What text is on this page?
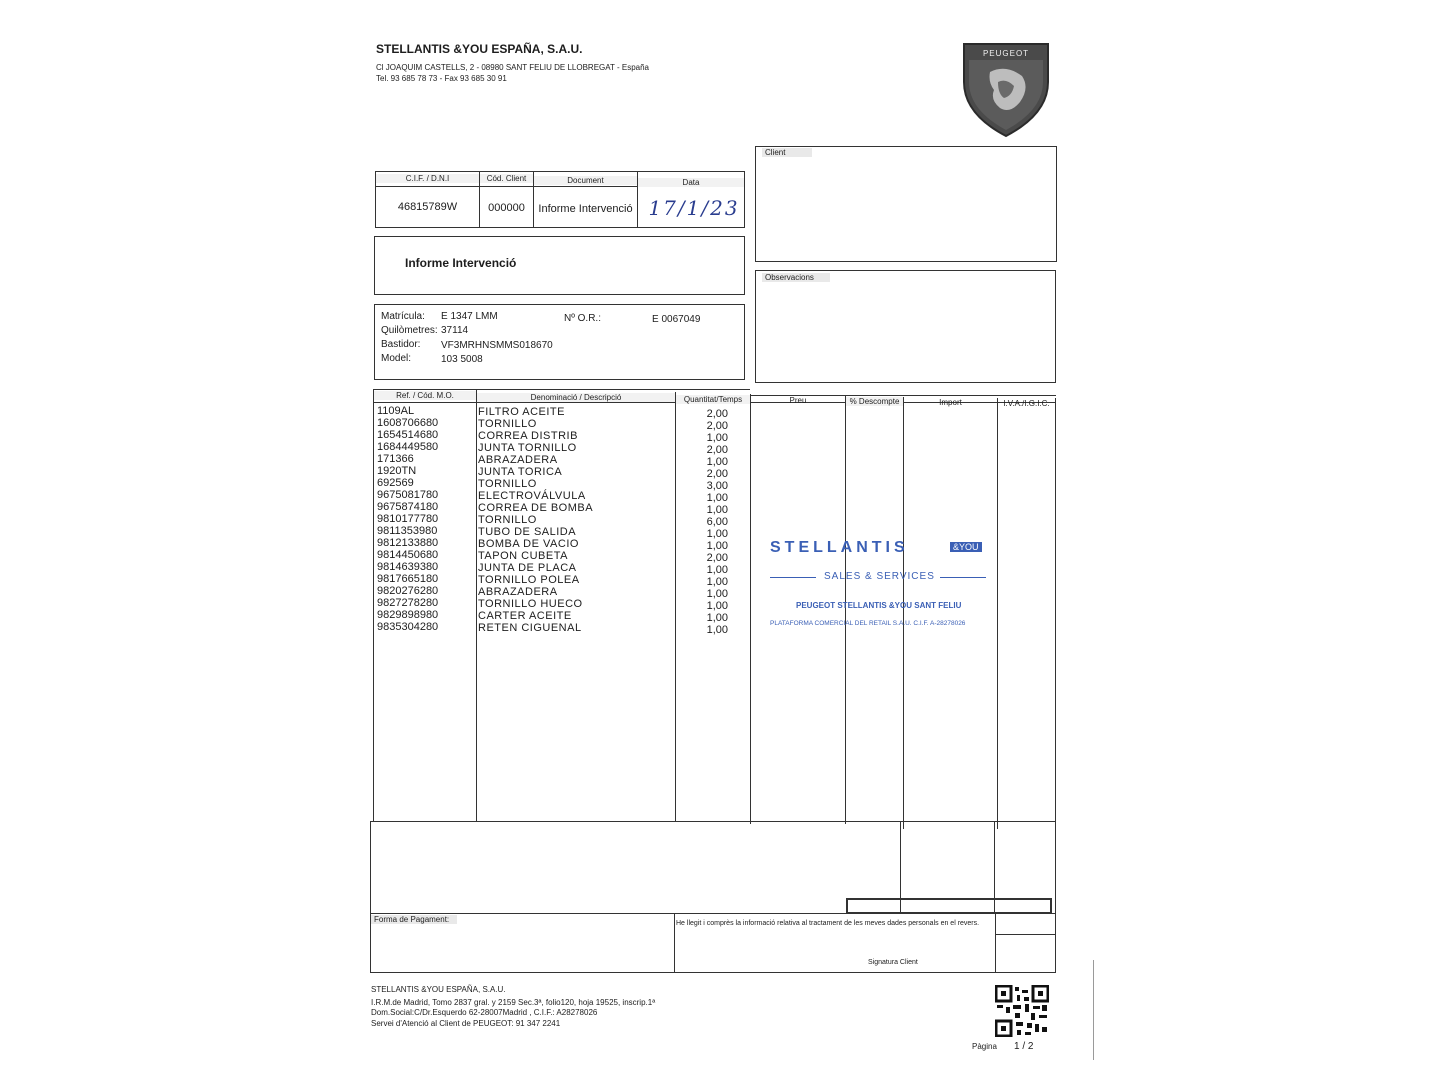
STELLANTIS &YOU ESPAÑA, S.A.U.
Cl JOAQUIM CASTELLS, 2 - 08980 SANT FELIU DE LLOBREGAT - España
Tel. 93 685 78 73 - Fax 93 685 30 91
PEUGEOT
C.I.F. / D.N.I	Cód. Client	Document	Data
46815789W	000000	Informe Intervenció 17/1/23
Informe Intervenció
Client
Observacions
Matrícula: E 1347 LMM	Nº O.R.:	E 0067049
Quilòmetres: 37114
Bastidor: VF3MRHNSMMS018670
Model:	103 5008
Ref. / Cód. M.O.	Denominació / Descripció	Quantitat/Temps	Preu	% Descompte	Import	I.V.A./I.G.I.C.
1109AL	FILTRO ACEITE	2,00
1608706680	TORNILLO	2,00
1654514680	CORREA DISTRIB	1,00
1684449580	JUNTA TORNILLO	2,00
171366	ABRAZADERA	1,00
1920TN	JUNTA TORICA	2,00
692569	TORNILLO	3,00
9675081780	ELECTROVÁLVULA	1,00
9675874180	CORREA DE BOMBA	1,00
9810177780	TORNILLO	6,00
9811353980	TUBO DE SALIDA	1,00
9812133880	BOMBA DE VACIO	1,00
9814450680	TAPON CUBETA	2,00
9814639380	JUNTA DE PLACA	1,00
9817665180	TORNILLO POLEA	1,00
9820276280	ABRAZADERA	1,00
9827278280	TORNILLO HUECO	1,00
9829898980	CARTER ACEITE	1,00
9835304280	RETEN CIGUENAL	1,00
STELLANTIS	&YOU
SALES & SERVICES
PEUGEOT STELLANTIS &YOU SANT FELIU
PLATAFORMA COMERCIAL DEL RETAIL S.A.U. C.I.F. A-28278026
Forma de Pagament:	He llegit i comprès la informació relativa al tractament de les meves dades personals en el revers.
Signatura Client
STELLANTIS &YOU ESPAÑA, S.A.U.
I.R.M.de Madrid, Tomo 2837 gral. y 2159 Sec.3ª, folio120, hoja 19525, inscrip.1ª
Dom.Social:C/Dr.Esquerdo 62-28007Madrid , C.I.F.: A28278026
Servei d'Atenció al Client de PEUGEOT: 91 347 2241
Pàgina 1 / 2
